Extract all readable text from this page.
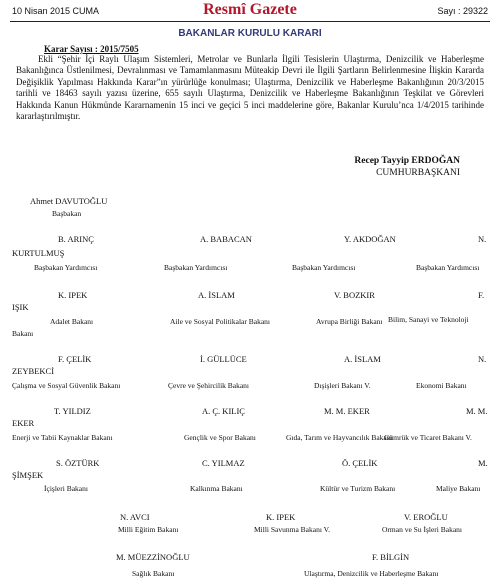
10 Nisan 2015 CUMA	Resmî Gazete	Sayı : 29322
BAKANLAR KURULU KARARI
Karar Sayısı : 2015/7505

Ekli “Şehir İçi Raylı Ulaşım Sistemleri, Metrolar ve Bunlarla İlgili Tesislerin Ulaştırma, Denizcilik ve Haberleşme Bakanlığınca Üstlenilmesi, Devralınması ve Tamamlanmasını Müteakip Devri ile İlgili Şartların Belirlenmesine İlişkin Kararda Değişiklik Yapılması Hakkında Karar”ın yürürlüğe konulması; Ulaştırma, Denizcilik ve Haberleşme Bakanlığının 20/3/2015 tarihli ve 18463 sayılı yazısı üzerine, 655 sayılı Ulaştırma, Denizcilik ve Haberleşme Bakanlığının Teşkilat ve Görevleri Hakkında Kanun Hükmünde Kararnamenin 15 inci ve geçici 5 inci maddelerine göre, Bakanlar Kurulu’nca 1/4/2015 tarihinde kararlaştırılmıştır.

Recep Tayyip ERDOĞAN
CUMHURBAŞKANI
Ahmet DAVUTOĞLU
Başbakan
B. ARINÇ
Başbakan Yardımcısı
A. BABACAN
Başbakan Yardımcısı
Y. AKDOĞAN
Başbakan Yardımcısı
N.
KURTULMUŞ
Başbakan Yardımcısı
K. IPEK
Adalet Bakanı
A. İSLAM
Aile ve Sosyal Politikalar Bakanı
V. BOZKIR
Avrupa Birliği Bakanı
F.
IŞIK
Bilim, Sanayi ve Teknoloji
Bakanı
F. ÇELİK
Çalışma ve Sosyal Güvenlik Bakanı
İ. GÜLLÜCE
Çevre ve Şehircilik Bakanı
A. İSLAM
Dışişleri Bakanı V.
N.
ZEYBEKCİ
Ekonomi Bakanı
T. YILDIZ
Enerji ve Tabii Kaynaklar Bakanı
A. Ç. KILIÇ
Gençlik ve Spor Bakanı
M. M. EKER
Gıda, Tarım ve Hayvancılık Bakanı
M. M.
EKER
Gümrük ve Ticaret Bakanı V.
S. ÖZTÜRK
İçişleri Bakanı
C. YILMAZ
Kalkınma Bakanı
Ö. ÇELİK
Kültür ve Turizm Bakanı
M.
ŞİMŞEK
Maliye Bakanı
N. AVCI
Milli Eğitim Bakanı
K. IPEK
Milli Savunma Bakanı V.
V. EROĞLU
Orman ve Su İşleri Bakanı
M. MÜEZZİNOĞLU
Sağlık Bakanı
F. BİLGİN
Ulaştırma, Denizcilik ve Haberleşme Bakanı
